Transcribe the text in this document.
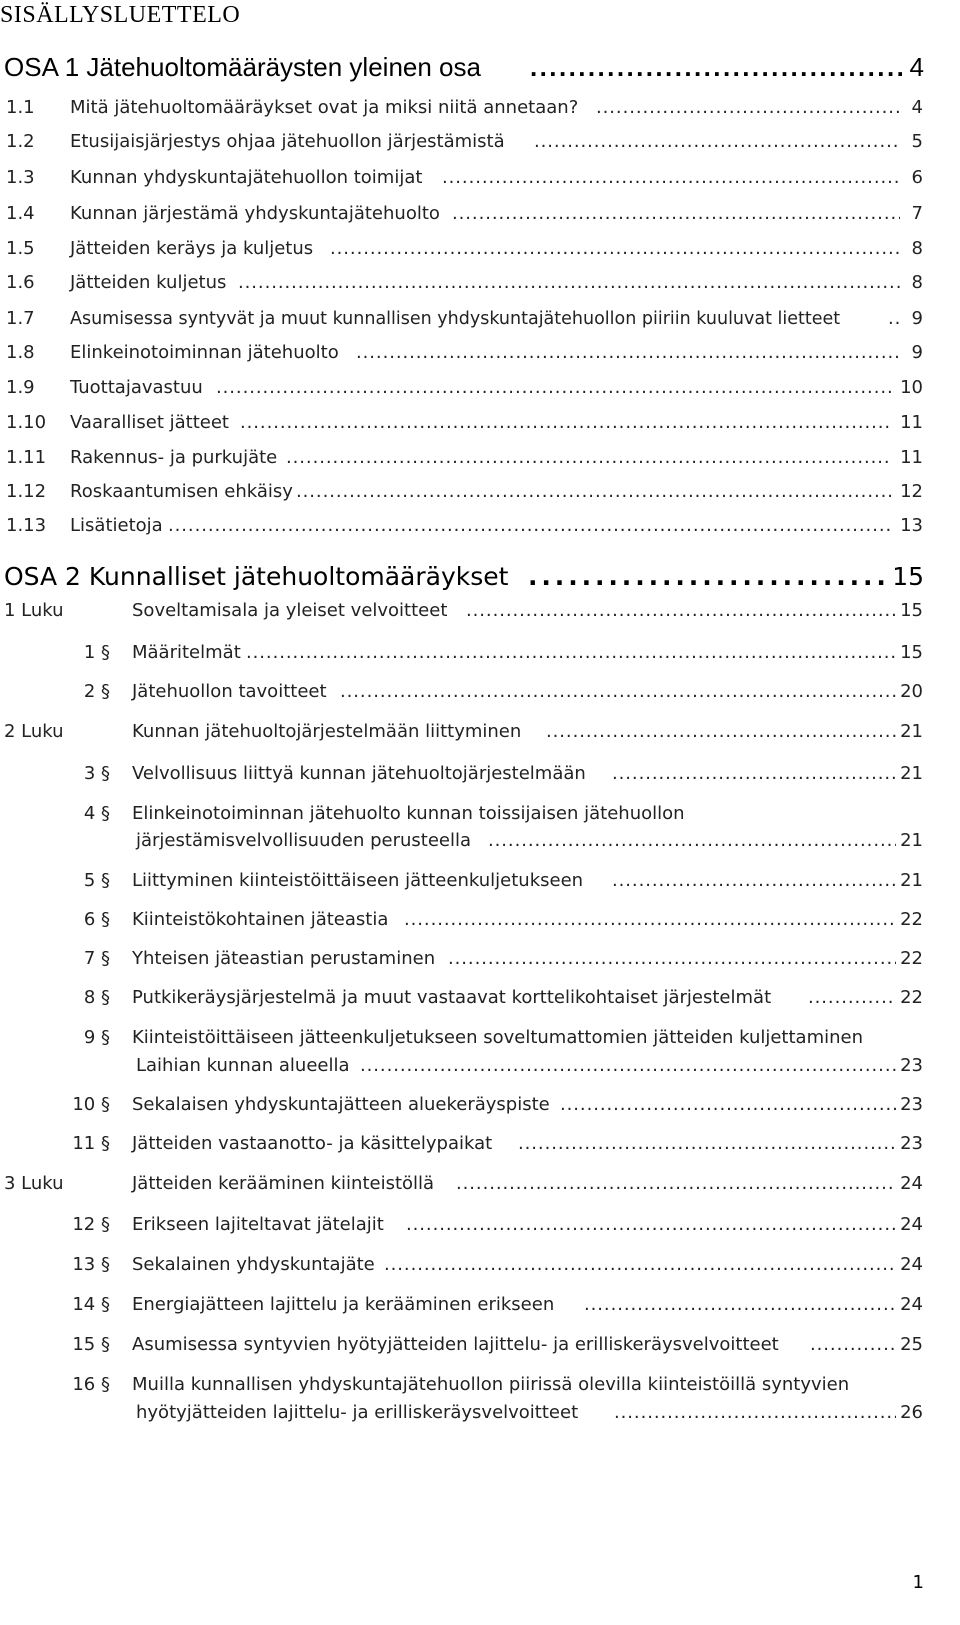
SISÄLLYSLUETTELO
OSA 1 Jätehuoltomääräysten yleinen osa . . .	4
1.1 Mitä jätehuoltomääräykset ovat ja miksi niitä annetaan? . . .	4
1.2 Etusijaisjärjestys ohjaa jätehuollon järjestämistä . . .	5
1.3 Kunnan yhdyskuntajätehuollon toimijat . . .	6
1.4 Kunnan järjestämä yhdyskuntajätehuolto . . .	7
1.5 Jätteiden keräys ja kuljetus . . .	8
1.6 Jätteiden kuljetus . . .	8
1.7 Asumisessa syntyvät ja muut kunnallisen yhdyskuntajätehuollon piiriin kuuluvat lietteet . . .	9
1.8 Elinkeinotoiminnan jätehuolto . . .	9
1.9 Tuottajavastuu . . .	10
1.10 Vaaralliset jätteet . . .	11
1.11 Rakennus- ja purkujäte . . .	11
1.12 Roskaantumisen ehkäisy . . .	12
1.13 Lisätietoja . . .	13
OSA 2 Kunnalliset jätehuoltomääräykset . . .	15
1 Luku	Soveltamisala ja yleiset velvoitteet . . .	15
1 § Määritelmät . . .	15
2 § Jätehuollon tavoitteet . . .	20
2 Luku	Kunnan jätehuoltojärjestelmään liittyminen . . .	21
3 § Velvollisuus liittyä kunnan jätehuoltojärjestelmään . . .	21
4 § Elinkeinotoiminnan jätehuolto kunnan toissijaisen jätehuollon
järjestämisvelvollisuuden perusteella . . .	21
5 § Liittyminen kiinteistöittäiseen jätteenkuljetukseen . . .	21
6 § Kiinteistökohtainen jäteastia . . .	22
7 § Yhteisen jäteastian perustaminen . . .	22
8 § Putkikeräysjärjestelmä ja muut vastaavat korttelikohtaiset järjestelmät . . .	22
9 § Kiinteistöittäiseen jätteenkuljetukseen soveltumattomien jätteiden kuljettaminen
Laihian kunnan alueella . . .	23
10 § Sekalaisen yhdyskuntajätteen aluekeräyspiste . . .	23
11 § Jätteiden vastaanotto- ja käsittelypaikat . . .	23
3 Luku	Jätteiden kerääminen kiinteistöllä . . .	24
12 § Erikseen lajiteltavat jätelajit . . .	24
13 § Sekalainen yhdyskuntajäte . . .	24
14 § Energiajätteen lajittelu ja kerääminen erikseen . . .	24
15 § Asumisessa syntyvien hyötyjätteiden lajittelu- ja erilliskeräysvelvoitteet . . .	25
16 § Muilla kunnallisen yhdyskuntajätehuollon piirissä olevilla kiinteistöillä syntyvien
hyötyjätteiden lajittelu- ja erilliskeräysvelvoitteet . . .	26
1
